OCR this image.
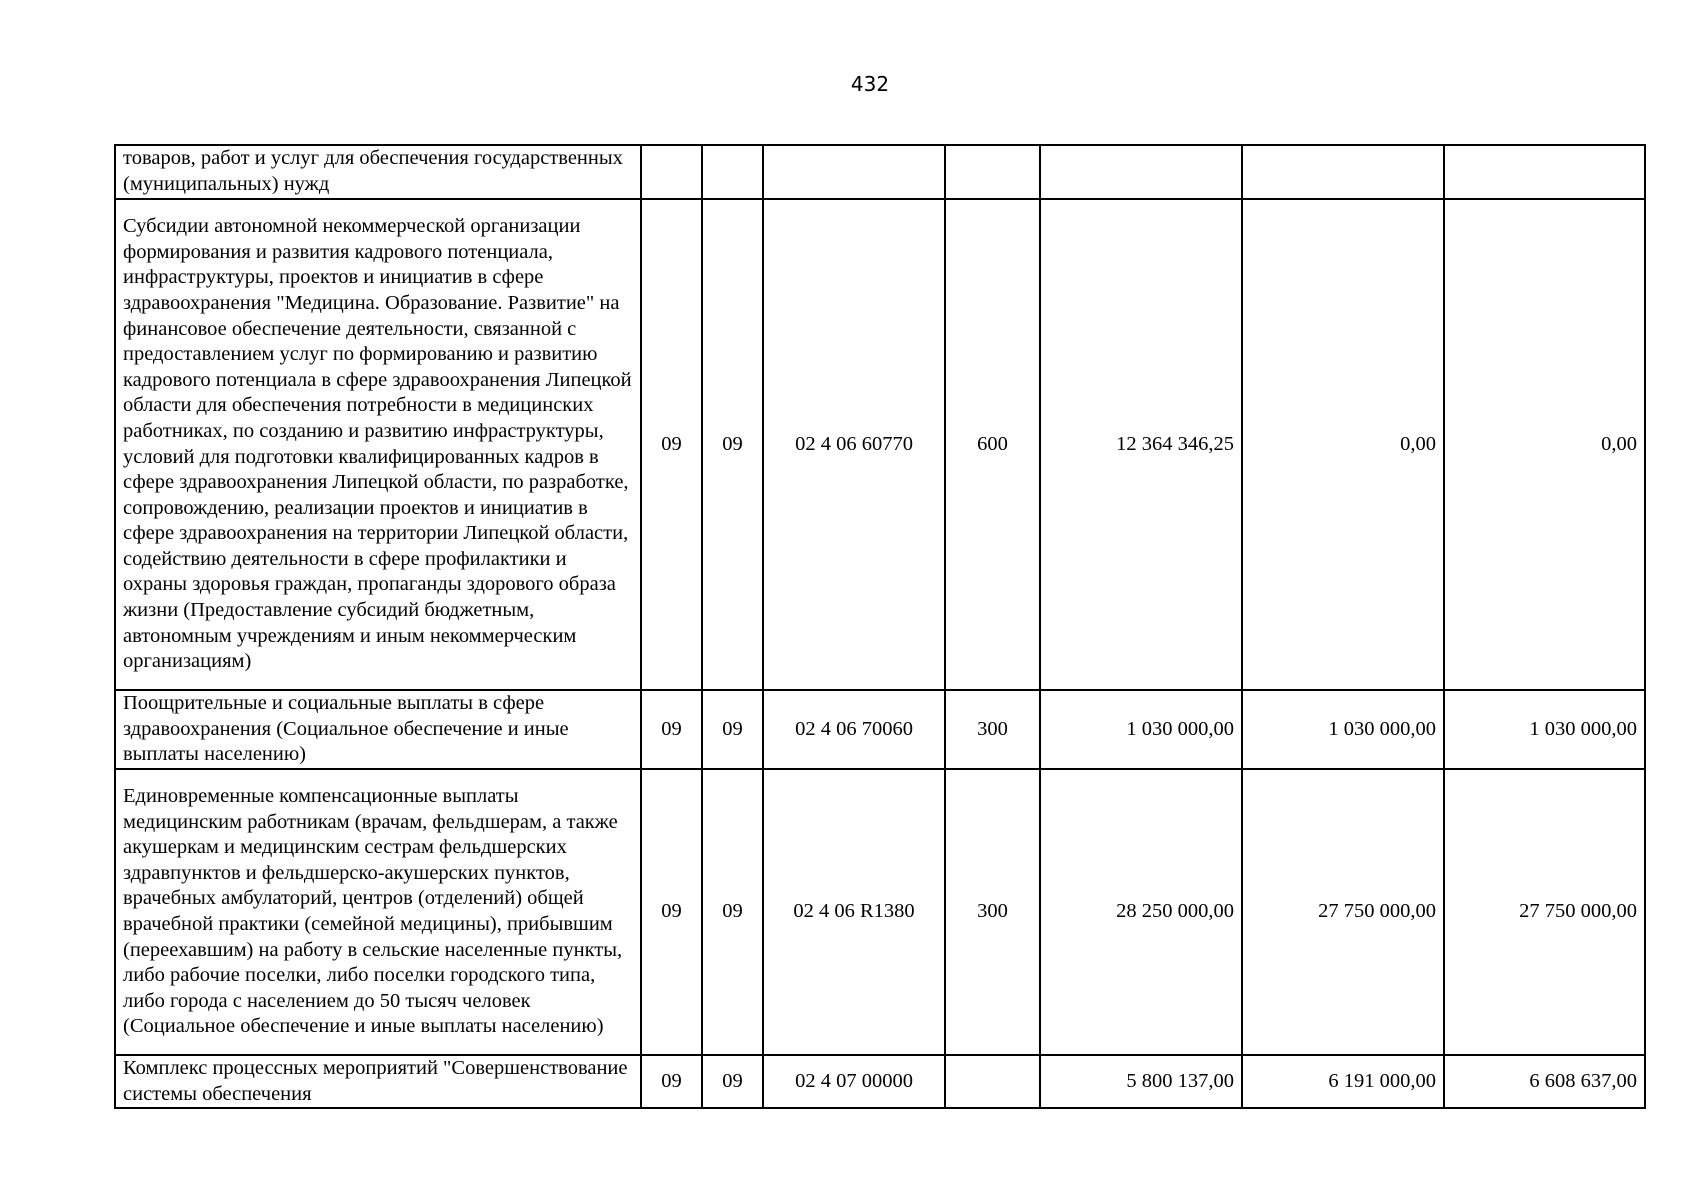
432
товаров, работ и услуг для обеспечения государственных (муниципальных) нужд							
Субсидии автономной некоммерческой организации формирования и развития кадрового потенциала, инфраструктуры, проектов и инициатив в сфере здравоохранения "Медицина. Образование. Развитие" на финансовое обеспечение деятельности, связанной с предоставлением услуг по формированию и развитию кадрового потенциала в сфере здравоохранения Липецкой области для обеспечения потребности в медицинских работниках, по созданию и развитию инфраструктуры, условий для подготовки квалифицированных кадров в сфере здравоохранения Липецкой области, по разработке, сопровождению, реализации проектов и инициатив в сфере здравоохранения на территории Липецкой области, содействию деятельности в сфере профилактики и охраны здоровья граждан, пропаганды здорового образа жизни (Предоставление субсидий бюджетным, автономным учреждениям и иным некоммерческим организациям)	09	09	02 4 06 60770	600	12 364 346,25	0,00	0,00
Поощрительные и социальные выплаты в сфере здравоохранения (Социальное обеспечение и иные выплаты населению)	09	09	02 4 06 70060	300	1 030 000,00	1 030 000,00	1 030 000,00
Единовременные компенсационные выплаты медицинским работникам (врачам, фельдшерам, а также акушеркам и медицинским сестрам фельдшерских здравпунктов и фельдшерско-акушерских пунктов, врачебных амбулаторий, центров (отделений) общей врачебной практики (семейной медицины), прибывшим (переехавшим) на работу в сельские населенные пункты, либо рабочие поселки, либо поселки городского типа, либо города с населением до 50 тысяч человек (Социальное обеспечение и иные выплаты населению)	09	09	02 4 06 R1380	300	28 250 000,00	27 750 000,00	27 750 000,00
Комплекс процессных мероприятий "Совершенствование системы обеспечения	09	09	02 4 07 00000		5 800 137,00	6 191 000,00	6 608 637,00
